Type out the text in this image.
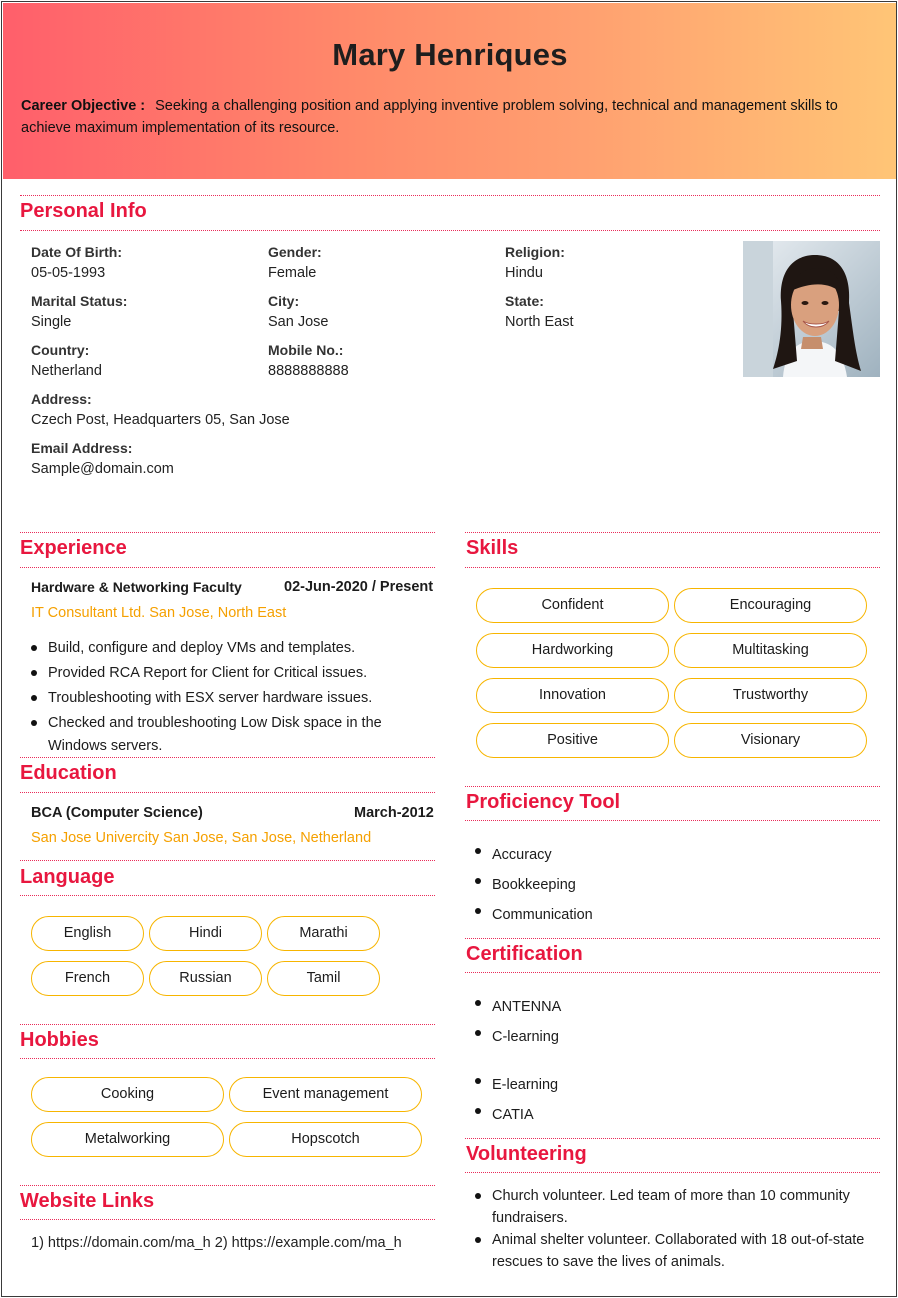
Mary Henriques
Career Objective : Seeking a challenging position and applying inventive problem solving, technical and management skills to achieve maximum implementation of its resource.
Personal Info
Date Of Birth:
05-05-1993
Gender:
Female
Religion:
Hindu
Marital Status:
Single
City:
San Jose
State:
North East
Country:
Netherland
Mobile No.:
8888888888
Address:
Czech Post, Headquarters 05, San Jose
Email Address:
Sample@domain.com
Experience
Hardware & Networking Faculty	02-Jun-2020 / Present
IT Consultant Ltd. San Jose, North East
Build, configure and deploy VMs and templates.
Provided RCA Report for Client for Critical issues.
Troubleshooting with ESX server hardware issues.
Checked and troubleshooting Low Disk space in the Windows servers.
Education
BCA (Computer Science)	March-2012
San Jose Univercity San Jose, San Jose, Netherland
Language
English	Hindi	Marathi
French	Russian	Tamil
Hobbies
Cooking	Event management
Metalworking	Hopscotch
Website Links
1) https://domain.com/ma_h 2) https://example.com/ma_h
Skills
Confident	Encouraging
Hardworking	Multitasking
Innovation	Trustworthy
Positive	Visionary
Proficiency Tool
Accuracy
Bookkeeping
Communication
Certification
ANTENNA
C-learning
E-learning
CATIA
Volunteering
Church volunteer. Led team of more than 10 community fundraisers.
Animal shelter volunteer. Collaborated with 18 out-of-state rescues to save the lives of animals.
